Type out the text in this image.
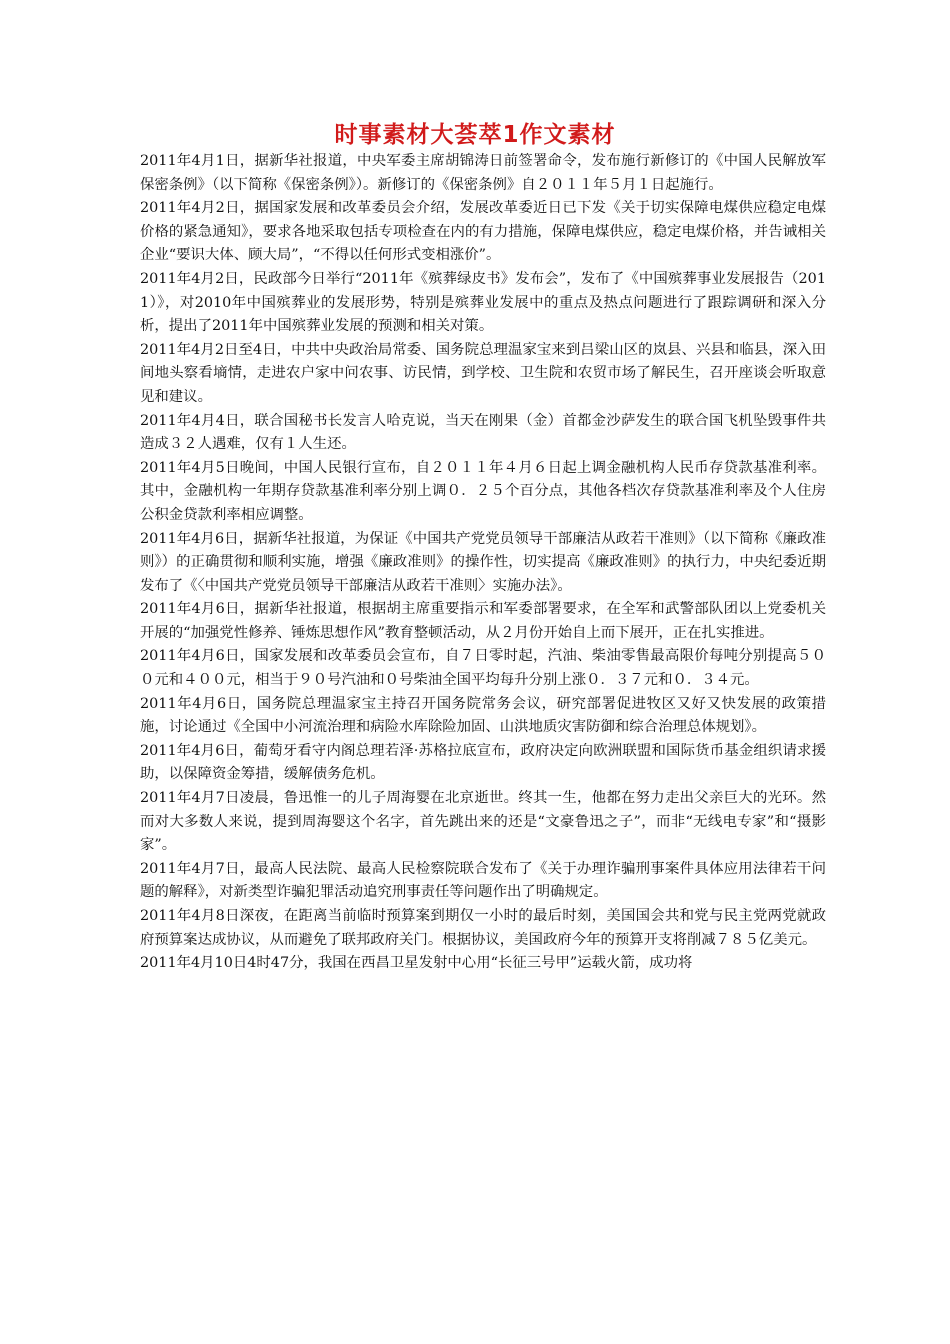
时事素材大荟萃1作文素材

2011年4月1日，据新华社报道，中央军委主席胡锦涛日前签署命令，发布施行新修订的《中国人民解放军保密条例》（以下简称《保密条例》）。新修订的《保密条例》自２０１１年５月１日起施行。

2011年4月2日，据国家发展和改革委员会介绍，发展改革委近日已下发《关于切实保障电煤供应稳定电煤价格的紧急通知》，要求各地采取包括专项检查在内的有力措施，保障电煤供应，稳定电煤价格，并告诫相关企业“要识大体、顾大局”，“不得以任何形式变相涨价”。

2011年4月2日，民政部今日举行“2011年《殡葬绿皮书》发布会”，发布了《中国殡葬事业发展报告（2011）》，对2010年中国殡葬业的发展形势，特别是殡葬业发展中的重点及热点问题进行了跟踪调研和深入分析，提出了2011年中国殡葬业发展的预测和相关对策。

2011年4月2日至4日，中共中央政治局常委、国务院总理温家宝来到吕梁山区的岚县、兴县和临县，深入田间地头察看墒情，走进农户家中问农事、访民情，到学校、卫生院和农贸市场了解民生，召开座谈会听取意见和建议。

2011年4月4日，联合国秘书长发言人哈克说，当天在刚果（金）首都金沙萨发生的联合国飞机坠毁事件共造成３２人遇难，仅有１人生还。

2011年4月5日晚间，中国人民银行宣布，自２０１１年４月６日起上调金融机构人民币存贷款基准利率。其中，金融机构一年期存贷款基准利率分别上调０．２５个百分点，其他各档次存贷款基准利率及个人住房公积金贷款利率相应调整。

2011年4月6日，据新华社报道，为保证《中国共产党党员领导干部廉洁从政若干准则》（以下简称《廉政准则》）的正确贯彻和顺利实施，增强《廉政准则》的操作性，切实提高《廉政准则》的执行力，中央纪委近期发布了《〈中国共产党党员领导干部廉洁从政若干准则〉实施办法》。

2011年4月6日，据新华社报道，根据胡主席重要指示和军委部署要求，在全军和武警部队团以上党委机关开展的“加强党性修养、锤炼思想作风”教育整顿活动，从２月份开始自上而下展开，正在扎实推进。

2011年4月6日，国家发展和改革委员会宣布，自７日零时起，汽油、柴油零售最高限价每吨分别提高５００元和４００元，相当于９０号汽油和０号柴油全国平均每升分别上涨０．３７元和０．３４元。

2011年4月6日，国务院总理温家宝主持召开国务院常务会议，研究部署促进牧区又好又快发展的政策措施，讨论通过《全国中小河流治理和病险水库除险加固、山洪地质灾害防御和综合治理总体规划》。

2011年4月6日，葡萄牙看守内阁总理若泽·苏格拉底宣布，政府决定向欧洲联盟和国际货币基金组织请求援助，以保障资金筹措，缓解债务危机。

2011年4月7日凌晨，鲁迅惟一的儿子周海婴在北京逝世。终其一生，他都在努力走出父亲巨大的光环。然而对大多数人来说，提到周海婴这个名字，首先跳出来的还是“文豪鲁迅之子”，而非“无线电专家”和“摄影家”。

2011年4月7日，最高人民法院、最高人民检察院联合发布了《关于办理诈骗刑事案件具体应用法律若干问题的解释》，对新类型诈骗犯罪活动追究刑事责任等问题作出了明确规定。

2011年4月8日深夜，在距离当前临时预算案到期仅一小时的最后时刻，美国国会共和党与民主党两党就政府预算案达成协议，从而避免了联邦政府关门。根据协议，美国政府今年的预算开支将削减７８５亿美元。

2011年4月10日4时47分，我国在西昌卫星发射中心用“长征三号甲”运载火箭，成功将
